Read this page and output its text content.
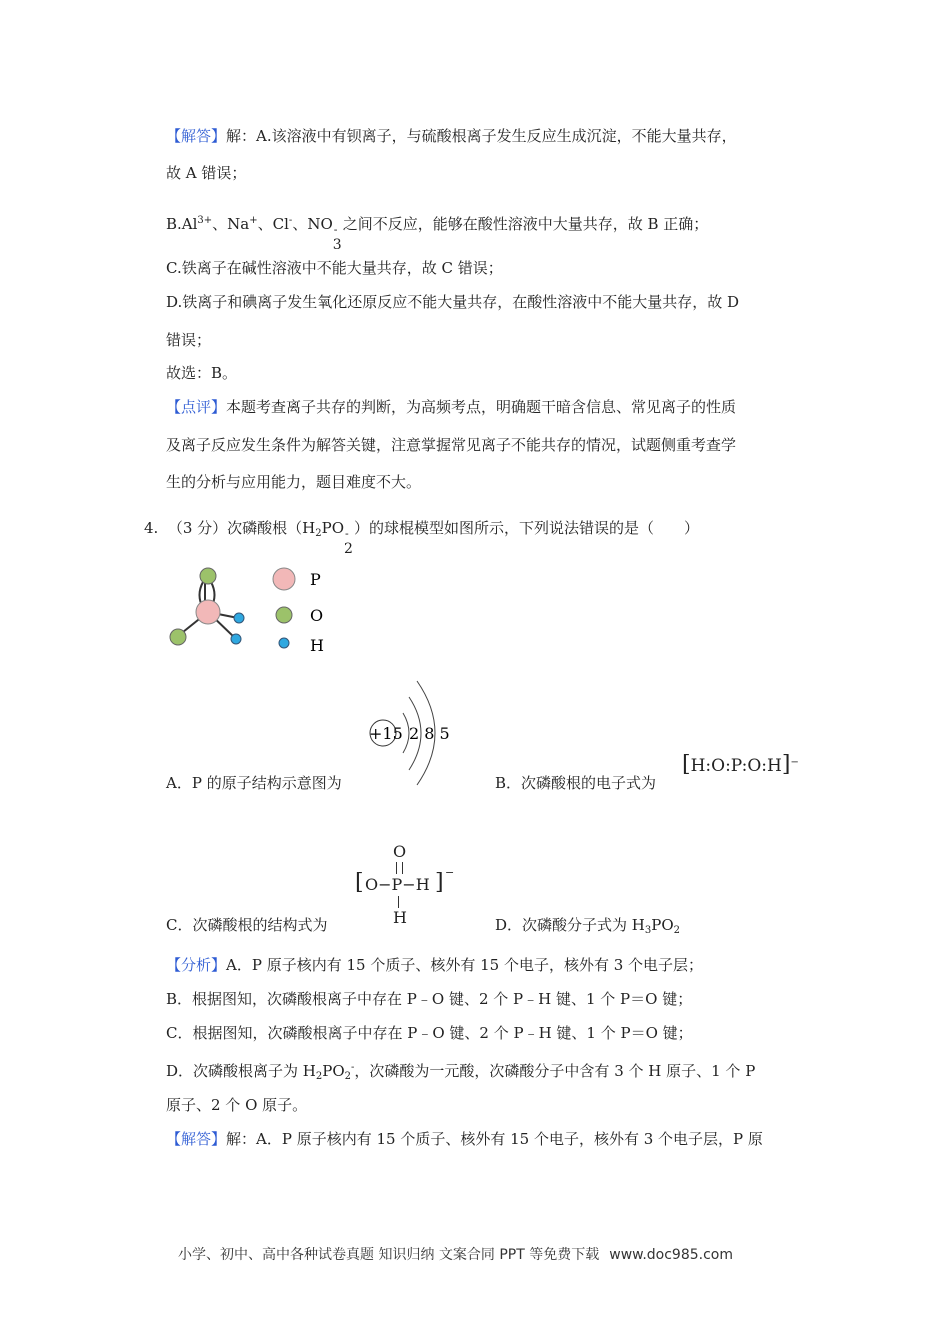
【解答】解：A.该溶液中有钡离子，与硫酸根离子发生反应生成沉淀，不能大量共存，
故 A 错误；
$B.Al^{3+}$、Na+、Cl-、NO -
3
之间不反应，能够在酸性溶液中大量共存，故 B 正确；
C.铁离子在碱性溶液中不能大量共存，故 C 错误；
D.铁离子和碘离子发生氧化还原反应不能大量共存，在酸性溶液中不能大量共存，故 D
错误；
故选：B。
【点评】本题考查离子共存的判断，为高频考点，明确题干暗含信息、常见离子的性质
及离子反应发生条件为解答关键，注意掌握常见离子不能共存的情况，试题侧重考查学
生的分析与应用能力，题目难度不大。
4. （3 分）次磷酸根（$H_2PO$ -
2
）的球棍模型如图所示，下列说法错误的是（　　）
P
O
H
+15 2 8 5
A．P 的原子结构示意图为	B．次磷酸根的电子式为
[H:O:P:O:H]−
O
[ O−P−H ] −
H
C．次磷酸根的结构式为	D．次磷酸分子式为 $H_3PO_2$
【分析】A．P 原子核内有 15 个质子、核外有 15 个电子，核外有 3 个电子层；
B．根据图知，次磷酸根离子中存在 P﹣O 键、2 个 P﹣H 键、1 个 P＝O 键；
C．根据图知，次磷酸根离子中存在 P﹣O 键、2 个 P﹣H 键、1 个 P＝O 键；
D．次磷酸根离子为 $H_2PO_2^-$，次磷酸为一元酸，次磷酸分子中含有 3 个 H 原子、1 个 P
原子、2 个 O 原子。
【解答】解：A．P 原子核内有 15 个质子、核外有 15 个电子，核外有 3 个电子层，P 原
小学、初中、高中各种试卷真题 知识归纳 文案合同 PPT 等免费下载 www.doc985.com
